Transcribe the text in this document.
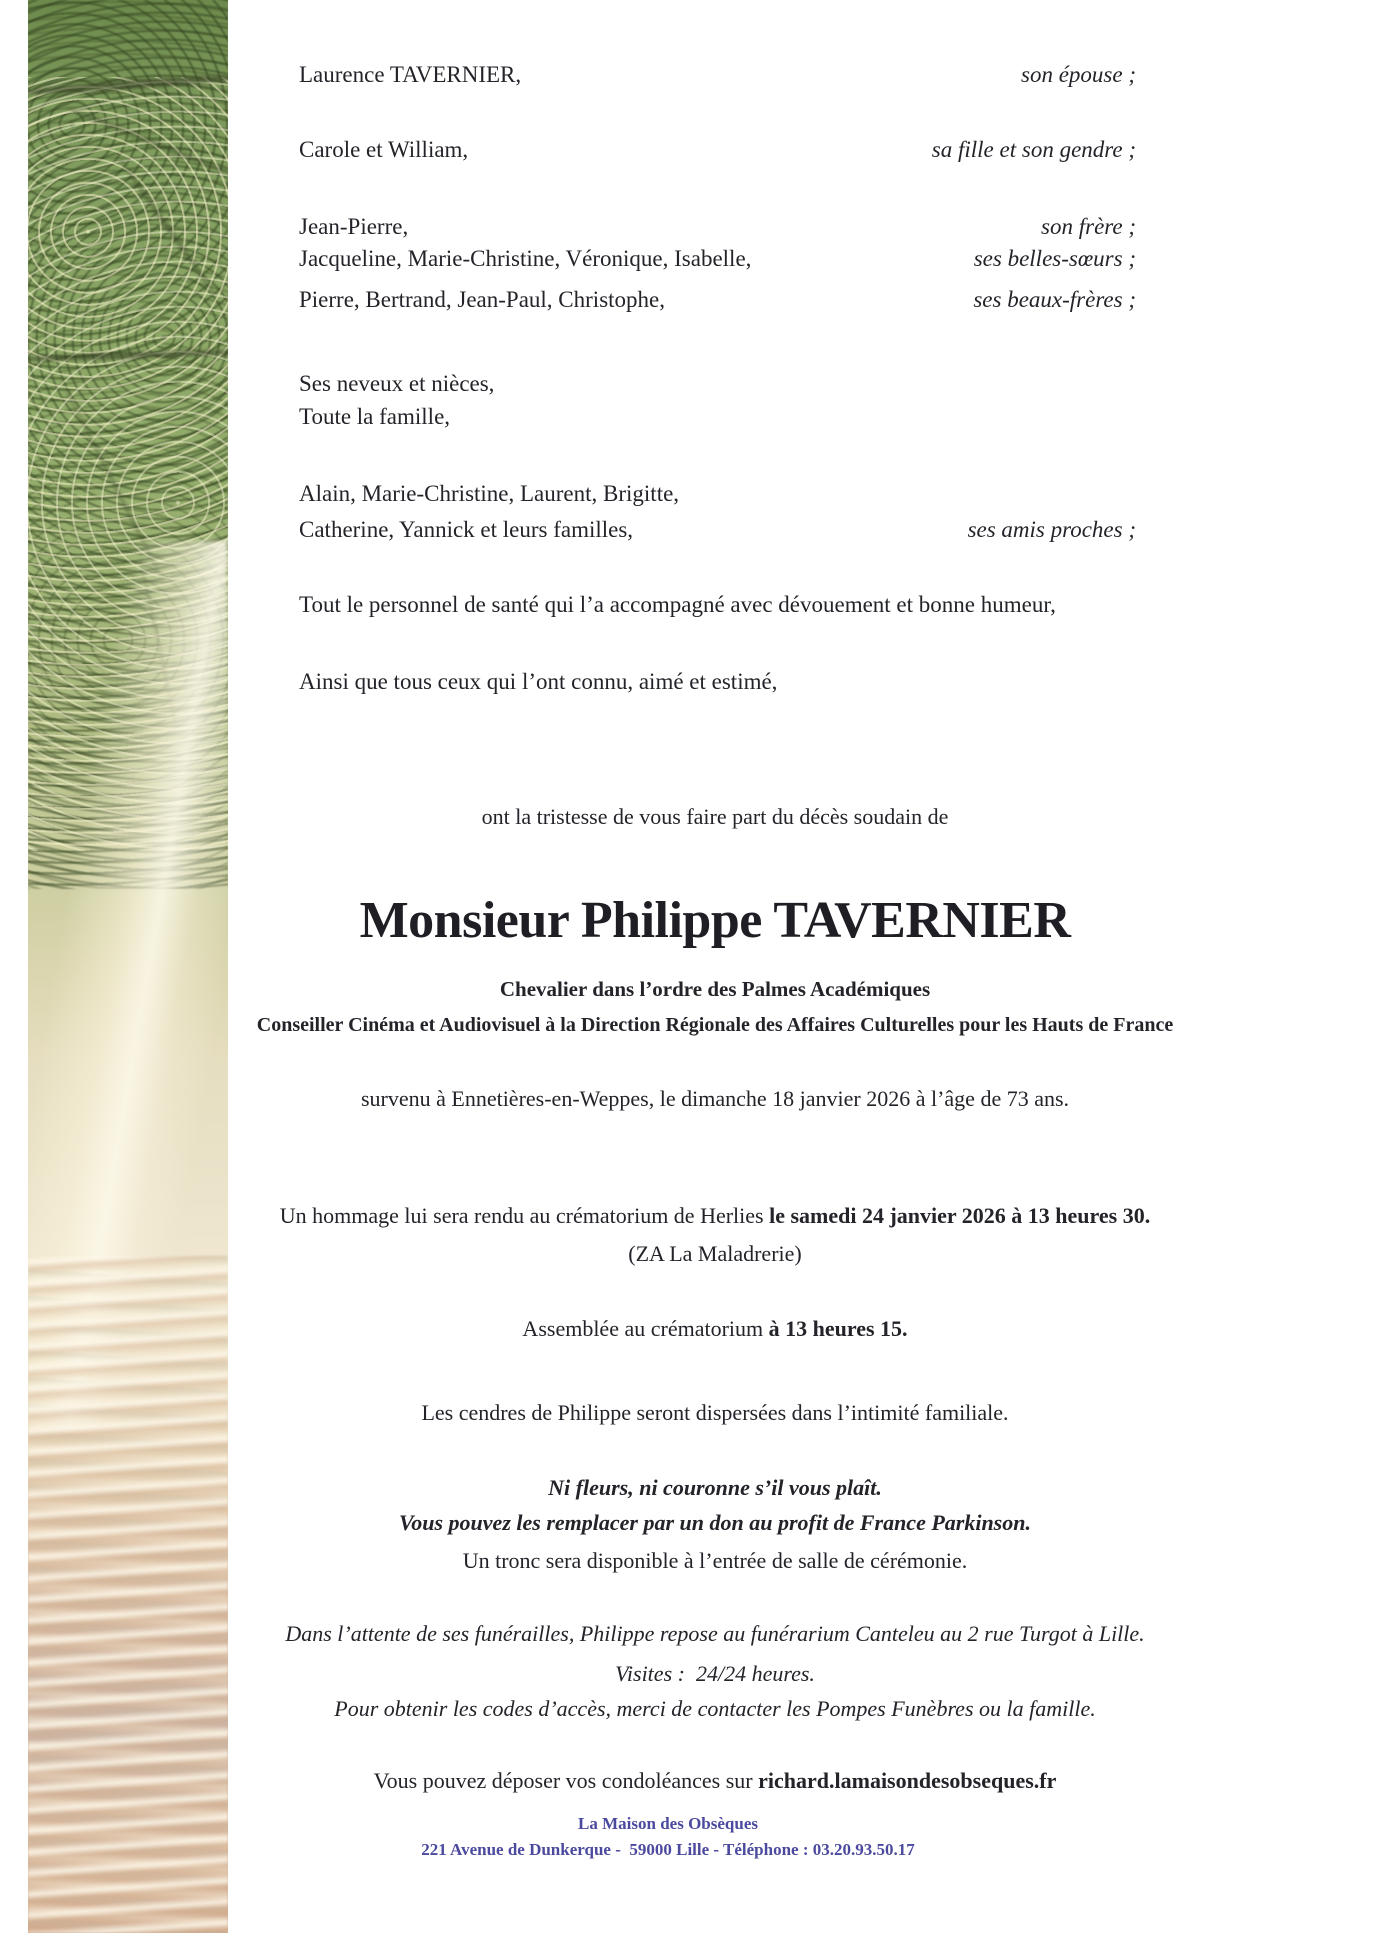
Laurence TAVERNIER,	son épouse ;
Carole et William,	sa fille et son gendre ;
Jean-Pierre,	son frère ;
Jacqueline, Marie-Christine, Véronique, Isabelle,	ses belles-sœurs ;
Pierre, Bertrand, Jean-Paul, Christophe,	ses beaux-frères ;
Ses neveux et nièces,
Toute la famille,
Alain, Marie-Christine, Laurent, Brigitte,
Catherine, Yannick et leurs familles,	ses amis proches ;
Tout le personnel de santé qui l’a accompagné avec dévouement et bonne humeur,
Ainsi que tous ceux qui l’ont connu, aimé et estimé,
ont la tristesse de vous faire part du décès soudain de
Monsieur Philippe TAVERNIER
Chevalier dans l’ordre des Palmes Académiques
Conseiller Cinéma et Audiovisuel à la Direction Régionale des Affaires Culturelles pour les Hauts de France
survenu à Ennetières-en-Weppes, le dimanche 18 janvier 2026 à l’âge de 73 ans.
Un hommage lui sera rendu au crématorium de Herlies le samedi 24 janvier 2026 à 13 heures 30.
(ZA La Maladrerie)
Assemblée au crématorium à 13 heures 15.
Les cendres de Philippe seront dispersées dans l’intimité familiale.
Ni fleurs, ni couronne s’il vous plaît.
Vous pouvez les remplacer par un don au profit de France Parkinson.
Un tronc sera disponible à l’entrée de salle de cérémonie.
Dans l’attente de ses funérailles, Philippe repose au funérarium Canteleu au 2 rue Turgot à Lille.
Visites :  24/24 heures.
Pour obtenir les codes d’accès, merci de contacter les Pompes Funèbres ou la famille.
Vous pouvez déposer vos condoléances sur richard.lamaisondesobseques.fr
La Maison des Obsèques
221 Avenue de Dunkerque -  59000 Lille - Téléphone : 03.20.93.50.17
